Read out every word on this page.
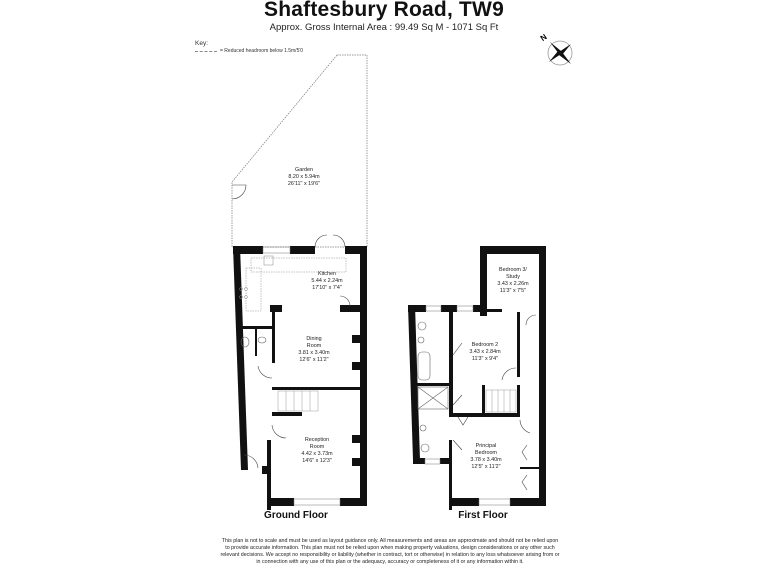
Shaftesbury Road, TW9
Approx. Gross Internal Area : 99.49 Sq M - 1071 Sq Ft
Key:
= Reduced headroom below 1.5m/5'0
N
Garden
8.20 x 5.94m
26'11" x 19'6"
Kitchen
5.44 x 2.24m
17'10" x 7'4"
Dining
Room
3.81 x 3.40m
12'6" x 11'2"
Reception
Room
4.42 x 3.73m
14'6" x 12'3"
Bedroom 3/
Study
3.43 x 2.26m
11'3" x 7'5"
Bedroom 2
3.43 x 2.84m
11'3" x 9'4"
Principal
Bedroom
3.78 x 3.40m
12'5" x 11'2"
Ground Floor	First Floor
This plan is not to scale and must be used as layout guidance only. All measurements and areas are approximate and should not be relied upon to provide accurate information. This plan must not be relied upon when making property valuations, design considerations or any other such relevant decisions. We accept no responsibility or liability (whether in contract, tort or otherwise) in relation to any loss whatsoever arising from or in connection with any use of this plan or the adequacy, accuracy or completeness of it or any information within it.
